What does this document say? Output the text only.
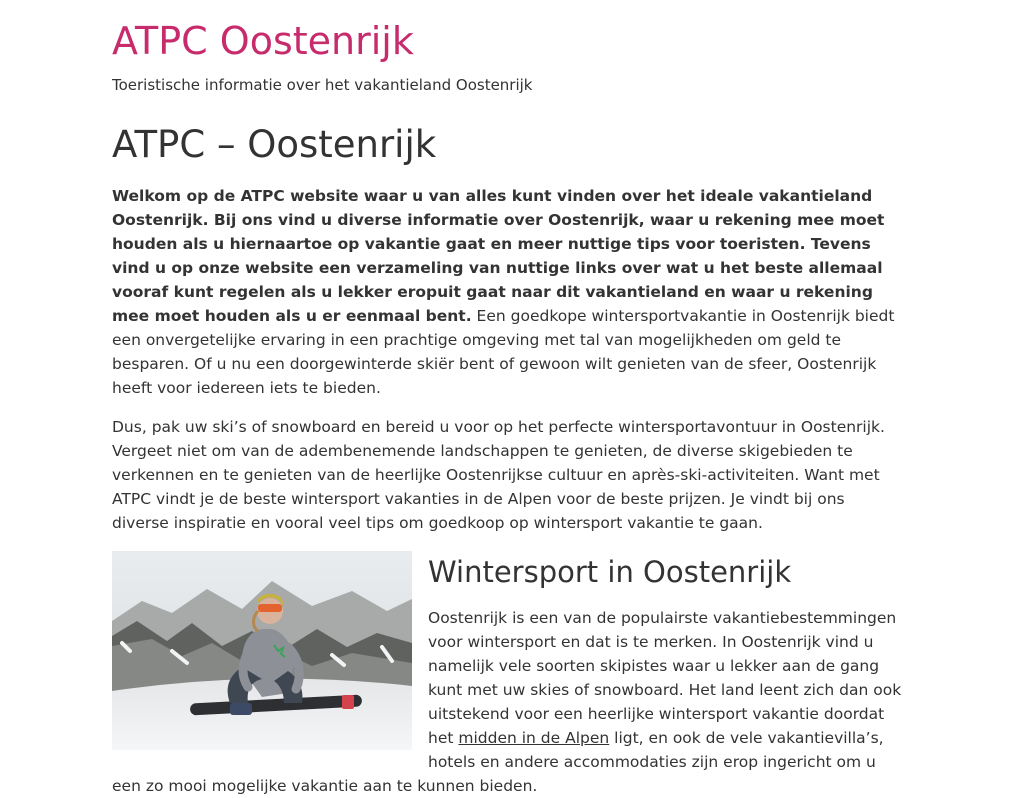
ATPC Oostenrijk

Toeristische informatie over het vakantieland Oostenrijk

ATPC – Oostenrijk

Welkom op de ATPC website waar u van alles kunt vinden over het ideale vakantieland Oostenrijk. Bij ons vind u diverse informatie over Oostenrijk, waar u rekening mee moet houden als u hiernaartoe op vakantie gaat en meer nuttige tips voor toeristen. Tevens vind u op onze website een verzameling van nuttige links over wat u het beste allemaal vooraf kunt regelen als u lekker eropuit gaat naar dit vakantieland en waar u rekening mee moet houden als u er eenmaal bent. Een goedkope wintersportvakantie in Oostenrijk biedt een onvergetelijke ervaring in een prachtige omgeving met tal van mogelijkheden om geld te besparen. Of u nu een doorgewinterde skiër bent of gewoon wilt genieten van de sfeer, Oostenrijk heeft voor iedereen iets te bieden.

Dus, pak uw ski’s of snowboard en bereid u voor op het perfecte wintersportavontuur in Oostenrijk. Vergeet niet om van de adembenemende landschappen te genieten, de diverse skigebieden te verkennen en te genieten van de heerlijke Oostenrijkse cultuur en après-ski-activiteiten. Want met ATPC vindt je de beste wintersport vakanties in de Alpen voor de beste prijzen. Je vindt bij ons diverse inspiratie en vooral veel tips om goedkoop op wintersport vakantie te gaan.

Wintersport in Oostenrijk

Oostenrijk is een van de populairste vakantiebestemmingen voor wintersport en dat is te merken. In Oostenrijk vind u namelijk vele soorten skipistes waar u lekker aan de gang kunt met uw skies of snowboard. Het land leent zich dan ook uitstekend voor een heerlijke wintersport vakantie doordat het midden in de Alpen ligt, en ook de vele vakantievilla’s, hotels en andere accommodaties zijn erop ingericht om u een zo mooi mogelijke vakantie aan te kunnen bieden.
